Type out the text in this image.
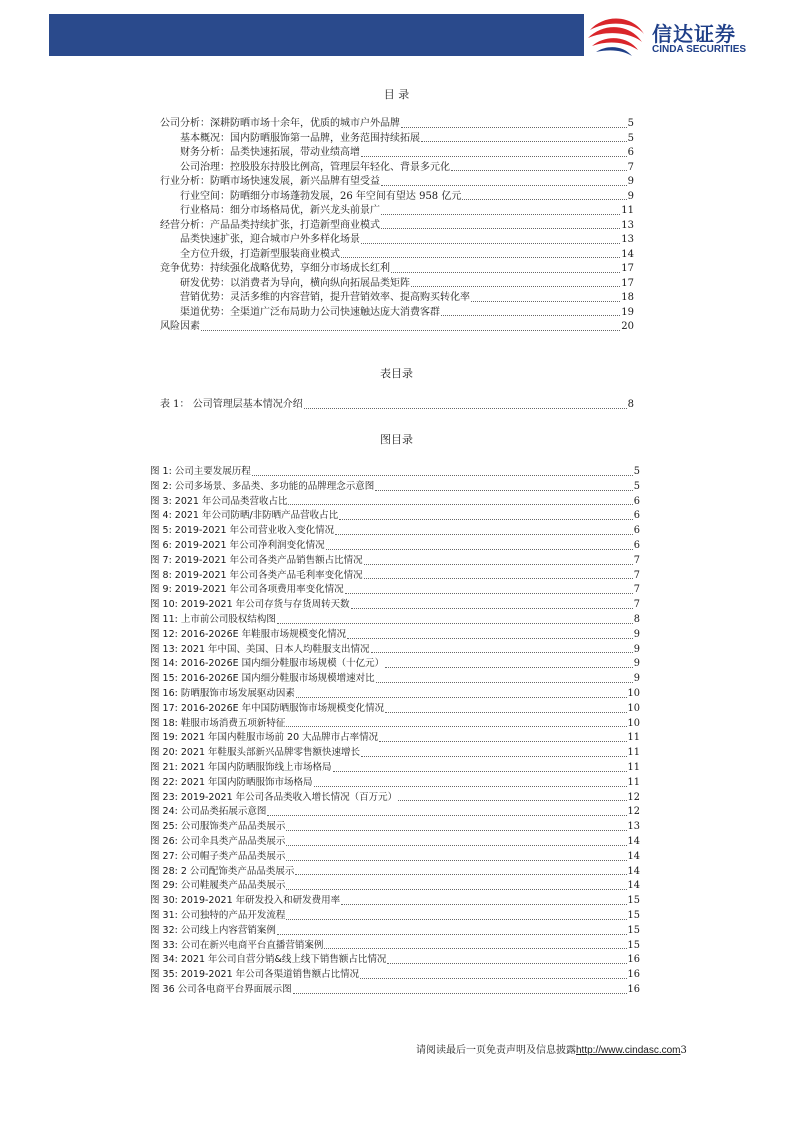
信达证券
CINDA SECURITIES
目 录
公司分析：深耕防晒市场十余年，优质的城市户外品牌	5
基本概况：国内防晒服饰第一品牌，业务范围持续拓展	5
财务分析：品类快速拓展，带动业绩高增	6
公司治理：控股股东持股比例高，管理层年轻化、背景多元化	7
行业分析：防晒市场快速发展，新兴品牌有望受益	9
行业空间：防晒细分市场蓬勃发展，26 年空间有望达 958 亿元	9
行业格局：细分市场格局优，新兴龙头前景广	11
经营分析：产品品类持续扩张，打造新型商业模式	13
品类快速扩张，迎合城市户外多样化场景	13
全方位升级，打造新型服装商业模式	14
竞争优势：持续强化战略优势，享细分市场成长红利	17
研发优势：以消费者为导向，横向纵向拓展品类矩阵	17
营销优势：灵活多维的内容营销，提升营销效率、提高购买转化率	18
渠道优势：全渠道广泛布局助力公司快速触达庞大消费客群	19
风险因素	20
表目录
表 1： 公司管理层基本情况介绍	8
图目录
图 1: 公司主要发展历程	5
图 2: 公司多场景、多品类、多功能的品牌理念示意图	5
图 3: 2021 年公司品类营收占比	6
图 4: 2021 年公司防晒/非防晒产品营收占比	6
图 5: 2019-2021 年公司营业收入变化情况	6
图 6: 2019-2021 年公司净利润变化情况	6
图 7: 2019-2021 年公司各类产品销售额占比情况	7
图 8: 2019-2021 年公司各类产品毛利率变化情况	7
图 9: 2019-2021 年公司各项费用率变化情况	7
图 10: 2019-2021 年公司存货与存货周转天数	7
图 11: 上市前公司股权结构图	8
图 12: 2016-2026E 年鞋服市场规模变化情况	9
图 13: 2021 年中国、美国、日本人均鞋服支出情况	9
图 14: 2016-2026E 国内细分鞋服市场规模（十亿元）	9
图 15: 2016-2026E 国内细分鞋服市场规模增速对比	9
图 16: 防晒服饰市场发展驱动因素	10
图 17: 2016-2026E 年中国防晒服饰市场规模变化情况	10
图 18: 鞋服市场消费五项新特征	10
图 19: 2021 年国内鞋服市场前 20 大品牌市占率情况	11
图 20: 2021 年鞋服头部新兴品牌零售额快速增长	11
图 21: 2021 年国内防晒服饰线上市场格局	11
图 22: 2021 年国内防晒服饰市场格局	11
图 23: 2019-2021 年公司各品类收入增长情况（百万元）	12
图 24: 公司品类拓展示意图	12
图 25: 公司服饰类产品品类展示	13
图 26: 公司伞具类产品品类展示	14
图 27: 公司帽子类产品品类展示	14
图 28: 2 公司配饰类产品品类展示	14
图 29: 公司鞋履类产品品类展示	14
图 30: 2019-2021 年研发投入和研发费用率	15
图 31: 公司独特的产品开发流程	15
图 32: 公司线上内容营销案例	15
图 33: 公司在新兴电商平台直播营销案例	15
图 34: 2021 年公司自营分销&线上线下销售额占比情况	16
图 35: 2019-2021 年公司各渠道销售额占比情况	16
图 36 公司各电商平台界面展示图	16
请阅读最后一页免责声明及信息披露http://www.cindasc.com3
